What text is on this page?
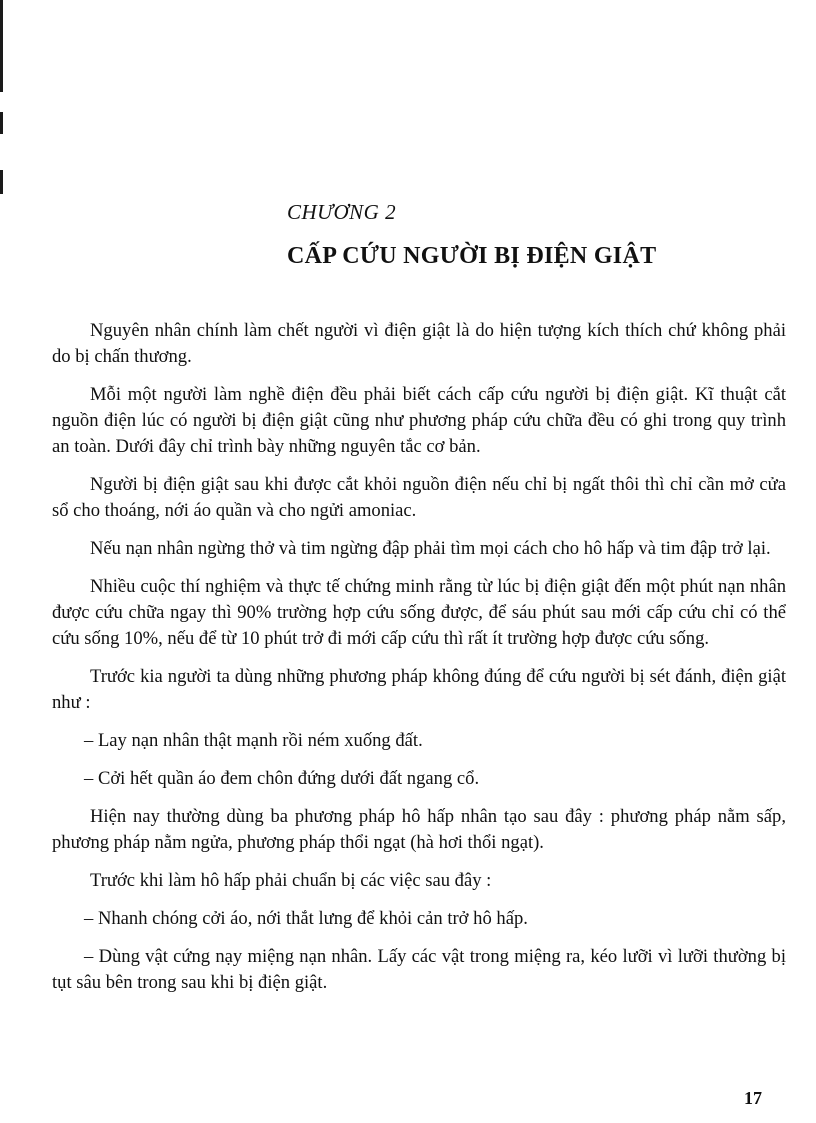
CHƯƠNG 2
CẤP CỨU NGƯỜI BỊ ĐIỆN GIẬT

Nguyên nhân chính làm chết người vì điện giật là do hiện tượng kích thích chứ không phải do bị chấn thương.

Mỗi một người làm nghề điện đều phải biết cách cấp cứu người bị điện giật. Kĩ thuật cắt nguồn điện lúc có người bị điện giật cũng như phương pháp cứu chữa đều có ghi trong quy trình an toàn. Dưới đây chỉ trình bày những nguyên tắc cơ bản.

Người bị điện giật sau khi được cắt khỏi nguồn điện nếu chỉ bị ngất thôi thì chỉ cần mở cửa sổ cho thoáng, nới áo quần và cho ngửi amoniac.

Nếu nạn nhân ngừng thở và tim ngừng đập phải tìm mọi cách cho hô hấp và tim đập trở lại.

Nhiều cuộc thí nghiệm và thực tế chứng minh rằng từ lúc bị điện giật đến một phút nạn nhân được cứu chữa ngay thì 90% trường hợp cứu sống được, để sáu phút sau mới cấp cứu chỉ có thể cứu sống 10%, nếu để từ 10 phút trở đi mới cấp cứu thì rất ít trường hợp được cứu sống.

Trước kia người ta dùng những phương pháp không đúng để cứu người bị sét đánh, điện giật như :

– Lay nạn nhân thật mạnh rồi ném xuống đất.

– Cởi hết quần áo đem chôn đứng dưới đất ngang cổ.

Hiện nay thường dùng ba phương pháp hô hấp nhân tạo sau đây : phương pháp nằm sấp, phương pháp nằm ngửa, phương pháp thổi ngạt (hà hơi thổi ngạt).

Trước khi làm hô hấp phải chuẩn bị các việc sau đây :

– Nhanh chóng cởi áo, nới thắt lưng để khỏi cản trở hô hấp.

– Dùng vật cứng nạy miệng nạn nhân. Lấy các vật trong miệng ra, kéo lưỡi vì lưỡi thường bị tụt sâu bên trong sau khi bị điện giật.

17
